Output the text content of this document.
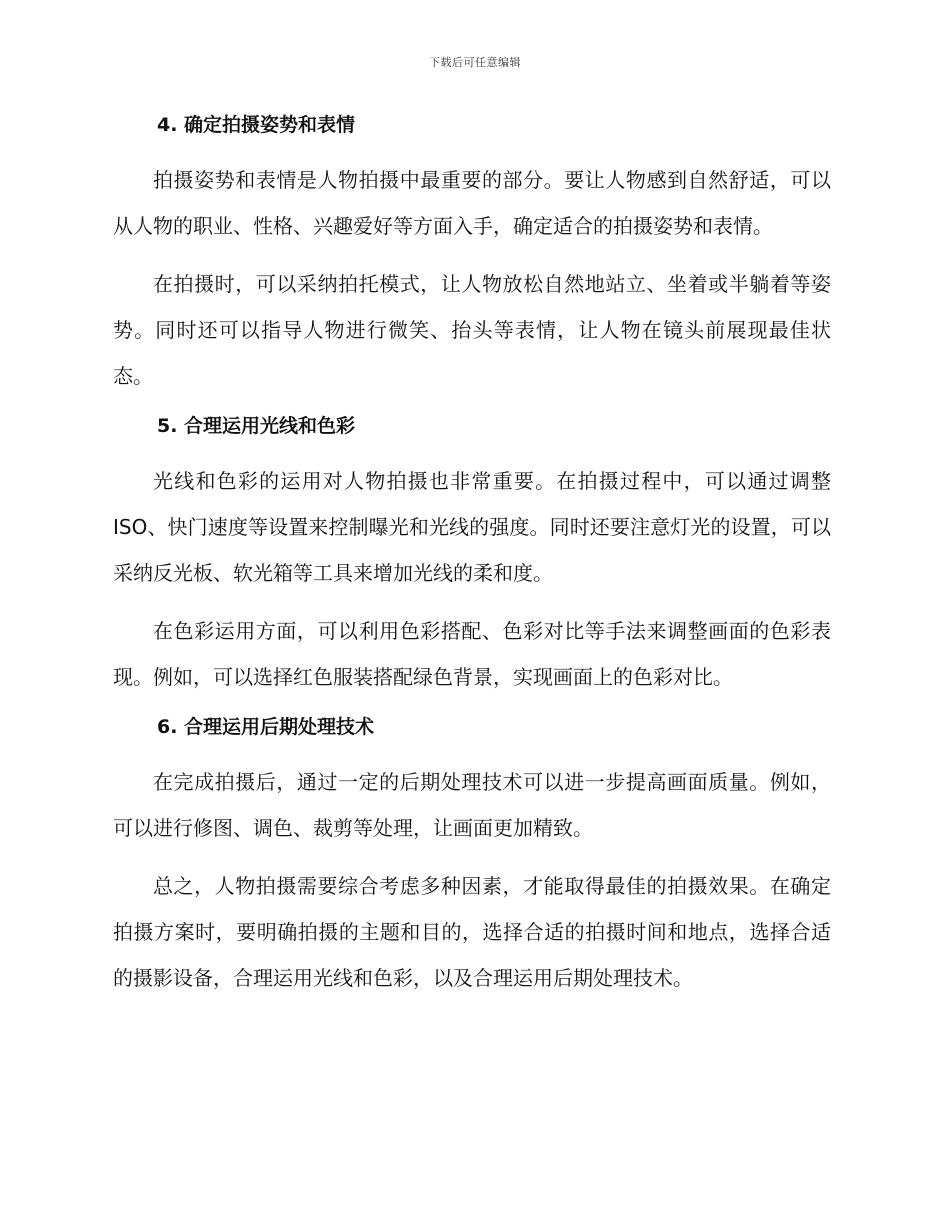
下载后可任意编辑
4. 确定拍摄姿势和表情

拍摄姿势和表情是人物拍摄中最重要的部分。要让人物感到自然舒适，可以从人物的职业、性格、兴趣爱好等方面入手，确定适合的拍摄姿势和表情。

在拍摄时，可以采纳拍托模式，让人物放松自然地站立、坐着或半躺着等姿势。同时还可以指导人物进行微笑、抬头等表情，让人物在镜头前展现最佳状态。

5. 合理运用光线和色彩

光线和色彩的运用对人物拍摄也非常重要。在拍摄过程中，可以通过调整 ISO、快门速度等设置来控制曝光和光线的强度。同时还要注意灯光的设置，可以采纳反光板、软光箱等工具来增加光线的柔和度。

在色彩运用方面，可以利用色彩搭配、色彩对比等手法来调整画面的色彩表现。例如，可以选择红色服装搭配绿色背景，实现画面上的色彩对比。

6. 合理运用后期处理技术

在完成拍摄后，通过一定的后期处理技术可以进一步提高画面质量。例如，可以进行修图、调色、裁剪等处理，让画面更加精致。

总之，人物拍摄需要综合考虑多种因素，才能取得最佳的拍摄效果。在确定拍摄方案时，要明确拍摄的主题和目的，选择合适的拍摄时间和地点，选择合适的摄影设备，合理运用光线和色彩，以及合理运用后期处理技术。
